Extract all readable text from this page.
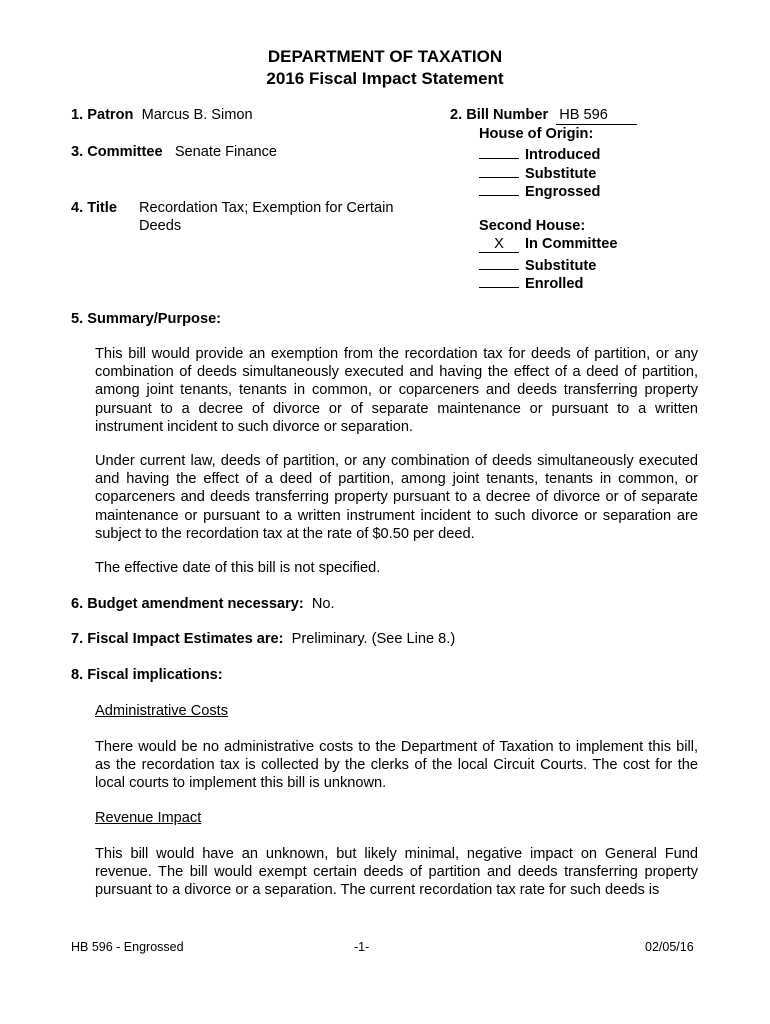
DEPARTMENT OF TAXATION
2016 Fiscal Impact Statement
1. Patron Marcus B. Simon
3. Committee Senate Finance
4. Title Recordation Tax; Exemption for Certain
Deeds
2. Bill Number HB 596
House of Origin:
Introduced
Substitute
Engrossed
Second House:
X In Committee
Substitute
Enrolled
5. Summary/Purpose:
This bill would provide an exemption from the recordation tax for deeds of partition, or any combination of deeds simultaneously executed and having the effect of a deed of partition, among joint tenants, tenants in common, or coparceners and deeds transferring property pursuant to a decree of divorce or of separate maintenance or pursuant to a written instrument incident to such divorce or separation.
Under current law, deeds of partition, or any combination of deeds simultaneously executed and having the effect of a deed of partition, among joint tenants, tenants in common, or coparceners and deeds transferring property pursuant to a decree of divorce or of separate maintenance or pursuant to a written instrument incident to such divorce or separation are subject to the recordation tax at the rate of $0.50 per deed.
The effective date of this bill is not specified.
6. Budget amendment necessary: No.
7. Fiscal Impact Estimates are: Preliminary. (See Line 8.)
8. Fiscal implications:
Administrative Costs
There would be no administrative costs to the Department of Taxation to implement this bill, as the recordation tax is collected by the clerks of the local Circuit Courts. The cost for the local courts to implement this bill is unknown.
Revenue Impact
This bill would have an unknown, but likely minimal, negative impact on General Fund revenue. The bill would exempt certain deeds of partition and deeds transferring property pursuant to a divorce or a separation. The current recordation tax rate for such deeds is
HB 596 - Engrossed	-1-	02/05/16
